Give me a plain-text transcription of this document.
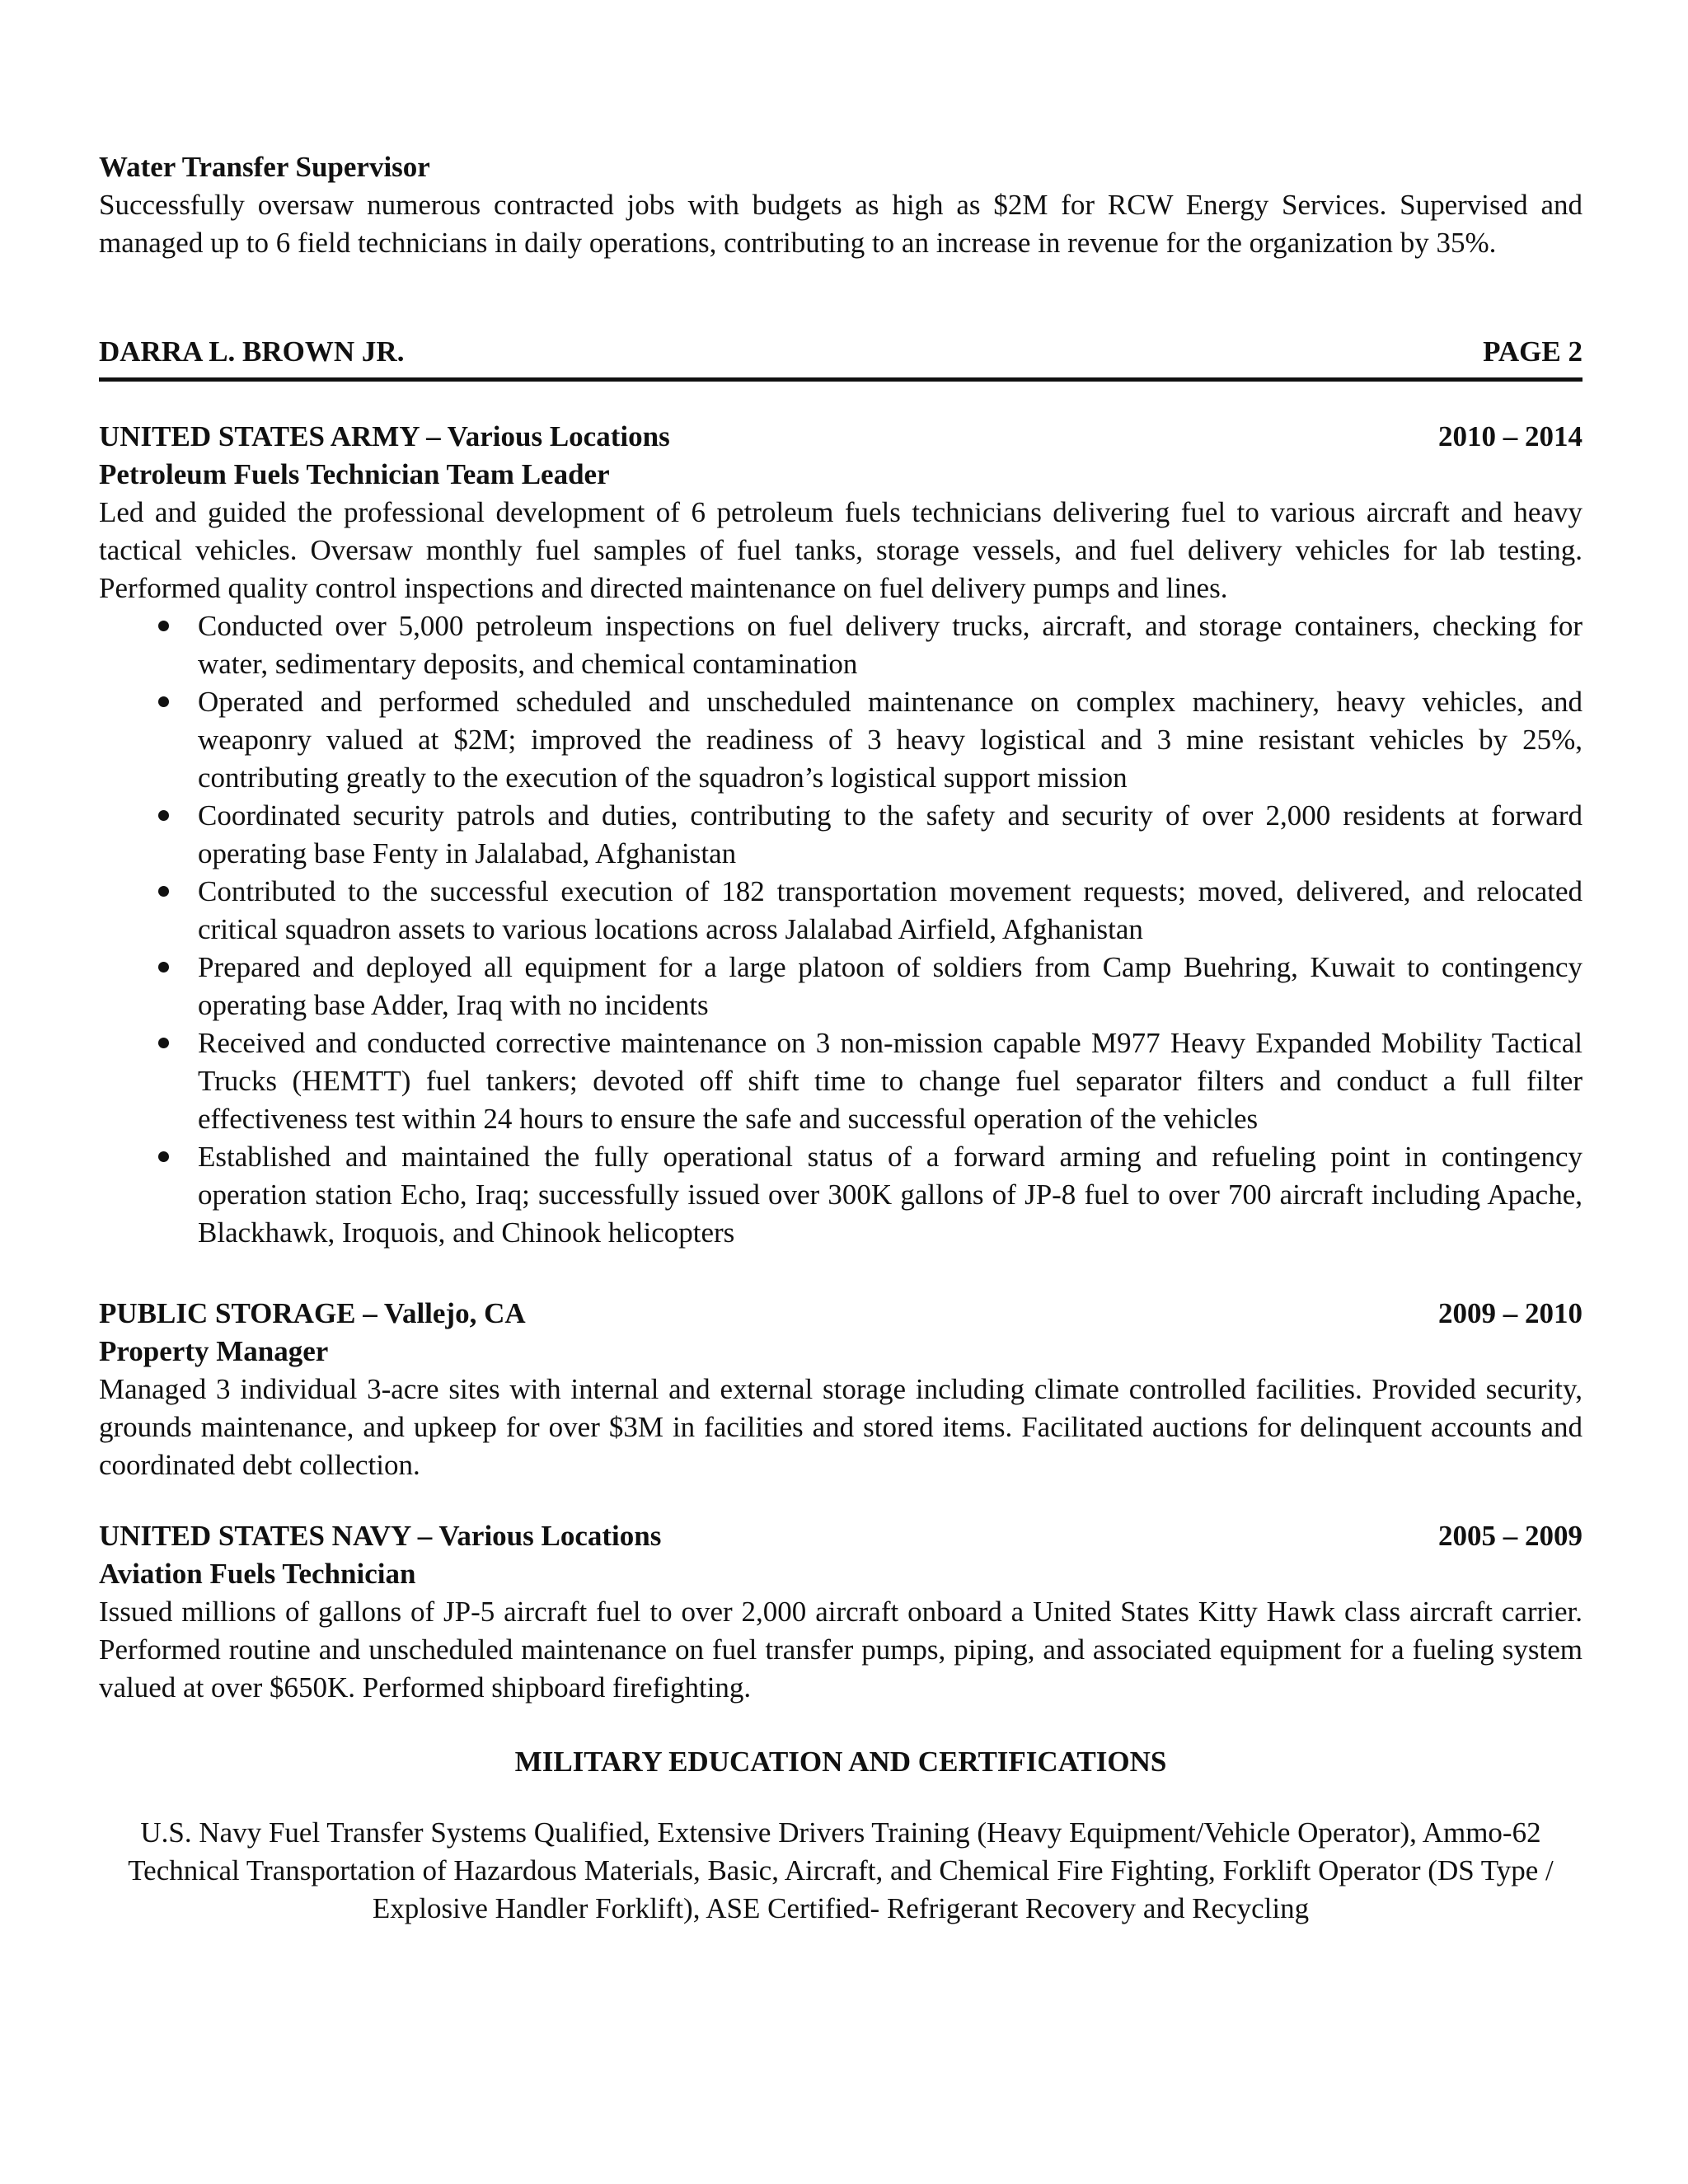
Water Transfer Supervisor

Successfully oversaw numerous contracted jobs with budgets as high as $2M for RCW Energy Services. Supervised and managed up to 6 field technicians in daily operations, contributing to an increase in revenue for the organization by 35%.

DARRA L. BROWN JR.	PAGE 2
UNITED STATES ARMY – Various Locations	2010 – 2014
Petroleum Fuels Technician Team Leader

Led and guided the professional development of 6 petroleum fuels technicians delivering fuel to various aircraft and heavy tactical vehicles. Oversaw monthly fuel samples of fuel tanks, storage vessels, and fuel delivery vehicles for lab testing. Performed quality control inspections and directed maintenance on fuel delivery pumps and lines.

Conducted over 5,000 petroleum inspections on fuel delivery trucks, aircraft, and storage containers, checking for water, sedimentary deposits, and chemical contamination
Operated and performed scheduled and unscheduled maintenance on complex machinery, heavy vehicles, and weaponry valued at $2M; improved the readiness of 3 heavy logistical and 3 mine resistant vehicles by 25%, contributing greatly to the execution of the squadron’s logistical support mission
Coordinated security patrols and duties, contributing to the safety and security of over 2,000 residents at forward operating base Fenty in Jalalabad, Afghanistan
Contributed to the successful execution of 182 transportation movement requests; moved, delivered, and relocated critical squadron assets to various locations across Jalalabad Airfield, Afghanistan
Prepared and deployed all equipment for a large platoon of soldiers from Camp Buehring, Kuwait to contingency operating base Adder, Iraq with no incidents
Received and conducted corrective maintenance on 3 non-mission capable M977 Heavy Expanded Mobility Tactical Trucks (HEMTT) fuel tankers; devoted off shift time to change fuel separator filters and conduct a full filter effectiveness test within 24 hours to ensure the safe and successful operation of the vehicles
Established and maintained the fully operational status of a forward arming and refueling point in contingency operation station Echo, Iraq; successfully issued over 300K gallons of JP-8 fuel to over 700 aircraft including Apache, Blackhawk, Iroquois, and Chinook helicopters
PUBLIC STORAGE – Vallejo, CA	2009 – 2010
Property Manager

Managed 3 individual 3-acre sites with internal and external storage including climate controlled facilities. Provided security, grounds maintenance, and upkeep for over $3M in facilities and stored items. Facilitated auctions for delinquent accounts and coordinated debt collection.

UNITED STATES NAVY – Various Locations	2005 – 2009
Aviation Fuels Technician

Issued millions of gallons of JP-5 aircraft fuel to over 2,000 aircraft onboard a United States Kitty Hawk class aircraft carrier. Performed routine and unscheduled maintenance on fuel transfer pumps, piping, and associated equipment for a fueling system valued at over $650K. Performed shipboard firefighting.

MILITARY EDUCATION AND CERTIFICATIONS
U.S. Navy Fuel Transfer Systems Qualified, Extensive Drivers Training (Heavy Equipment/Vehicle Operator), Ammo-62 Technical Transportation of Hazardous Materials, Basic, Aircraft, and Chemical Fire Fighting, Forklift Operator (DS Type / Explosive Handler Forklift), ASE Certified- Refrigerant Recovery and Recycling
